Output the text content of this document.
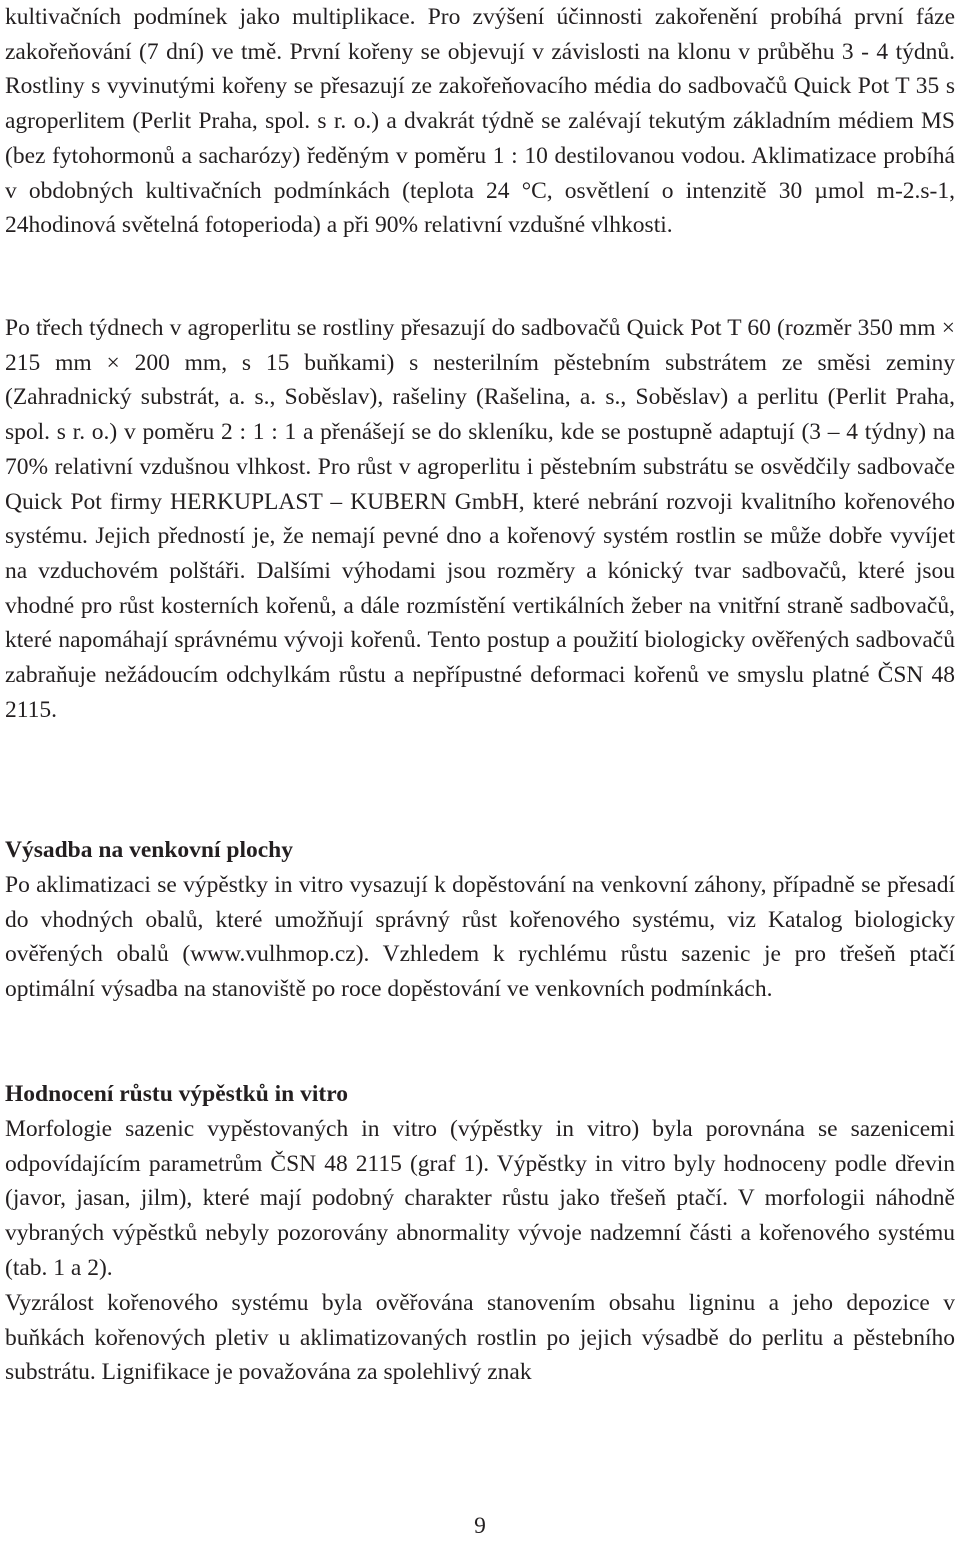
kultivačních podmínek jako multiplikace. Pro zvýšení účinnosti zakořenění probíhá první fáze zakořeňování (7 dní) ve tmě. První kořeny se objevují v závislosti na klonu v průběhu 3 - 4 týdnů. Rostliny s vyvinutými kořeny se přesazují ze zakořeňovacího média do sadbovačů Quick Pot T 35 s agroperlitem (Perlit Praha, spol. s r. o.) a dvakrát týdně se zalévají tekutým základním médiem MS (bez fytohormonů a sacharózy) ředěným v poměru 1 : 10 destilovanou vodou. Aklimatizace probíhá v obdobných kultivačních podmínkách (teplota 24 °C, osvětlení o intenzitě 30 µmol m-2.s-1, 24hodinová světelná fotoperioda) a při 90% relativní vzdušné vlhkosti.

Po třech týdnech v agroperlitu se rostliny přesazují do sadbovačů Quick Pot T 60 (rozměr 350 mm × 215 mm × 200 mm, s 15 buňkami) s nesterilním pěstebním substrátem ze směsi zeminy (Zahradnický substrát, a. s., Soběslav), rašeliny (Rašelina, a. s., Soběslav) a perlitu (Perlit Praha, spol. s r. o.) v poměru 2 : 1 : 1 a přenášejí se do skleníku, kde se postupně adaptují (3 – 4 týdny) na 70% relativní vzdušnou vlhkost. Pro růst v agroperlitu i pěstebním substrátu se osvědčily sadbovače Quick Pot firmy HERKUPLAST – KUBERN GmbH, které nebrání rozvoji kvalitního kořenového systému. Jejich předností je, že nemají pevné dno a kořenový systém rostlin se může dobře vyvíjet na vzduchovém polštáři. Dalšími výhodami jsou rozměry a kónický tvar sadbovačů, které jsou vhodné pro růst kosterních kořenů, a dále rozmístění vertikálních žeber na vnitřní straně sadbovačů, které napomáhají správnému vývoji kořenů. Tento postup a použití biologicky ověřených sadbovačů zabraňuje nežádoucím odchylkám růstu a nepřípustné deformaci kořenů ve smyslu platné ČSN 48 2115.

Výsadba na venkovní plochy

Po aklimatizaci se výpěstky in vitro vysazují k dopěstování na venkovní záhony, případně se přesadí do vhodných obalů, které umožňují správný růst kořenového systému, viz Katalog biologicky ověřených obalů (www.vulhmop.cz). Vzhledem k rychlému růstu sazenic je pro třešeň ptačí optimální výsadba na stanoviště po roce dopěstování ve venkovních podmínkách.

Hodnocení růstu výpěstků in vitro

Morfologie sazenic vypěstovaných in vitro (výpěstky in vitro) byla porovnána se sazenicemi odpovídajícím parametrům ČSN 48 2115 (graf 1). Výpěstky in vitro byly hodnoceny podle dřevin (javor, jasan, jilm), které mají podobný charakter růstu jako třešeň ptačí. V morfologii náhodně vybraných výpěstků nebyly pozorovány abnormality vývoje nadzemní části a kořenového systému (tab. 1 a 2).

Vyzrálost kořenového systému byla ověřována stanovením obsahu ligninu a jeho depozice v buňkách kořenových pletiv u aklimatizovaných rostlin po jejich výsadbě do perlitu a pěstebního substrátu. Lignifikace je považována za spolehlivý znak

9
